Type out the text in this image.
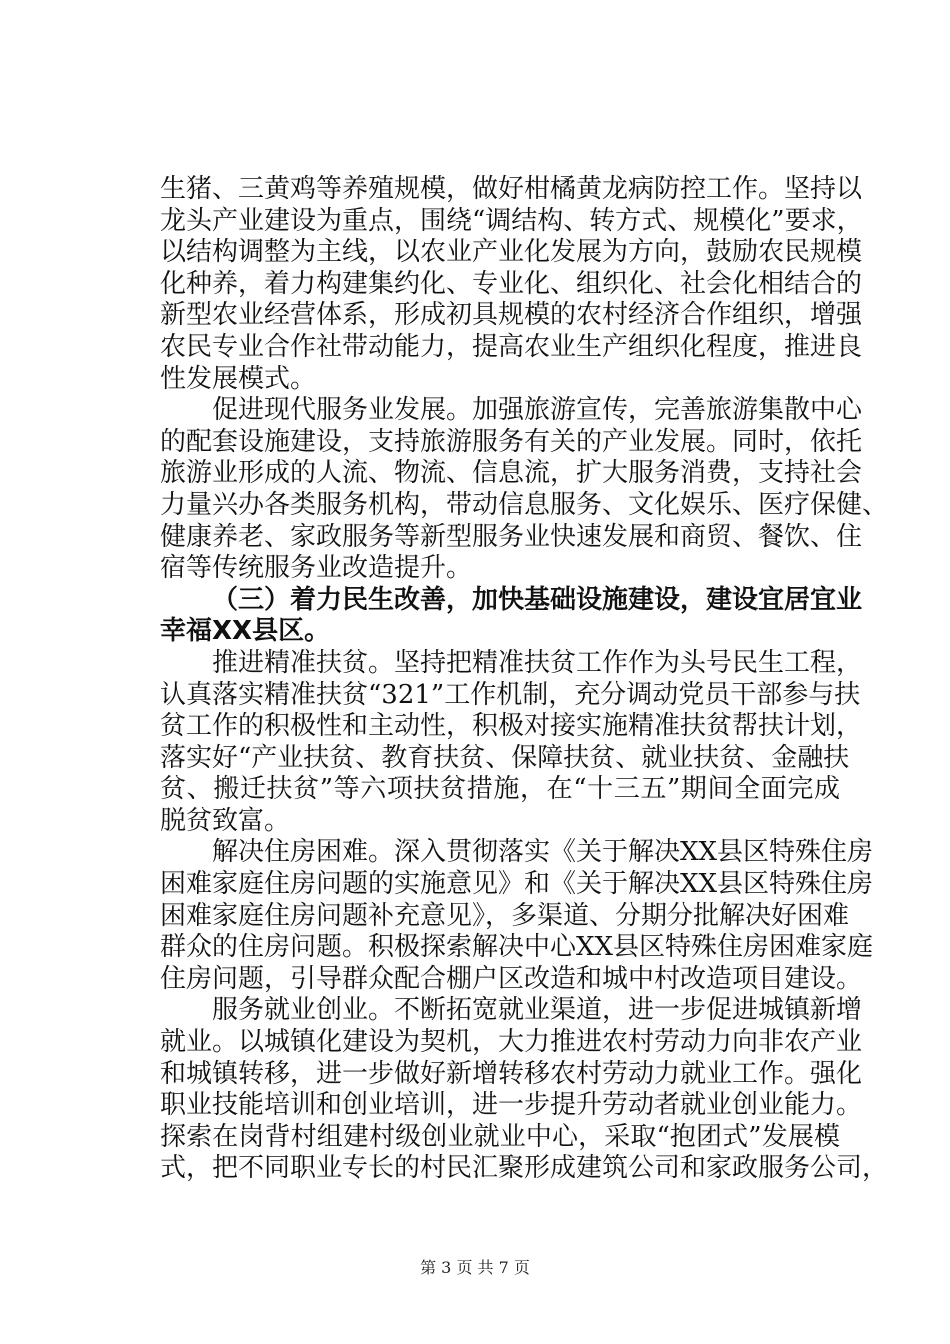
生猪、三黄鸡等养殖规模，做好柑橘黄龙病防控工作。坚持以
龙头产业建设为重点，围绕“调结构、转方式、规模化”要求，
以结构调整为主线，以农业产业化发展为方向，鼓励农民规模
化种养，着力构建集约化、专业化、组织化、社会化相结合的
新型农业经营体系，形成初具规模的农村经济合作组织，增强
农民专业合作社带动能力，提高农业生产组织化程度，推进良
性发展模式。
促进现代服务业发展。加强旅游宣传，完善旅游集散中心
的配套设施建设，支持旅游服务有关的产业发展。同时，依托
旅游业形成的人流、物流、信息流，扩大服务消费，支持社会
力量兴办各类服务机构，带动信息服务、文化娱乐、医疗保健、
健康养老、家政服务等新型服务业快速发展和商贸、餐饮、住
宿等传统服务业改造提升。
（三）着力民生改善，加快基础设施建设，建设宜居宜业
幸福XX县区。
推进精准扶贫。坚持把精准扶贫工作作为头号民生工程，
认真落实精准扶贫“321”工作机制，充分调动党员干部参与扶
贫工作的积极性和主动性，积极对接实施精准扶贫帮扶计划，
落实好“产业扶贫、教育扶贫、保障扶贫、就业扶贫、金融扶
贫、搬迁扶贫”等六项扶贫措施，在“十三五”期间全面完成
脱贫致富。
解决住房困难。深入贯彻落实《关于解决XX县区特殊住房
困难家庭住房问题的实施意见》和《关于解决XX县区特殊住房
困难家庭住房问题补充意见》，多渠道、分期分批解决好困难
群众的住房问题。积极探索解决中心XX县区特殊住房困难家庭
住房问题，引导群众配合棚户区改造和城中村改造项目建设。
服务就业创业。不断拓宽就业渠道，进一步促进城镇新增
就业。以城镇化建设为契机，大力推进农村劳动力向非农产业
和城镇转移，进一步做好新增转移农村劳动力就业工作。强化
职业技能培训和创业培训，进一步提升劳动者就业创业能力。
探索在岗背村组建村级创业就业中心，采取“抱团式”发展模
式，把不同职业专长的村民汇聚形成建筑公司和家政服务公司，
第 3 页 共 7 页
